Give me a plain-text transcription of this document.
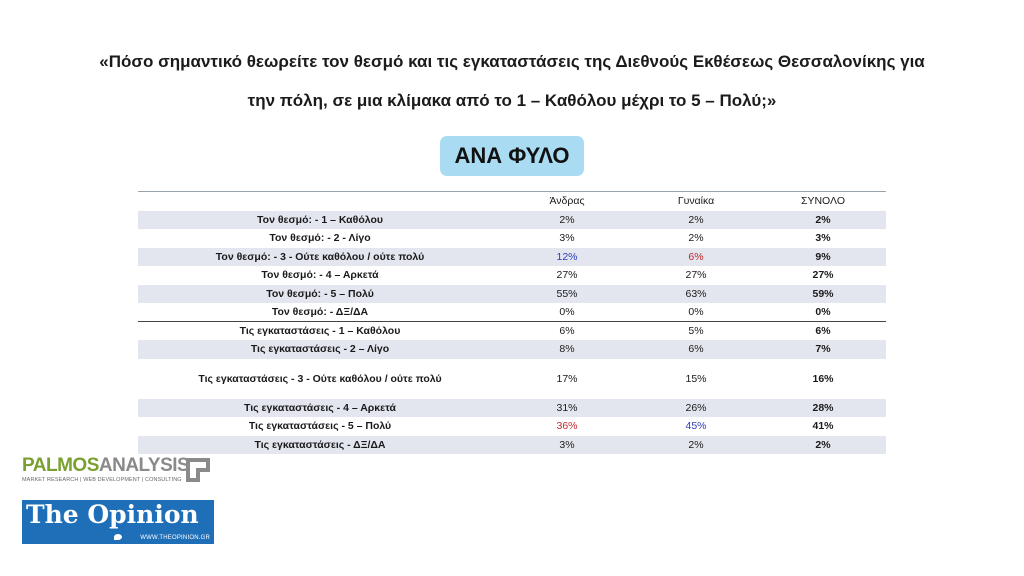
«Πόσο σημαντικό θεωρείτε τον θεσμό και τις εγκαταστάσεις της Διεθνούς Εκθέσεως Θεσσαλονίκης για
την πόλη, σε μια κλίμακα από το 1 – Καθόλου μέχρι το 5 – Πολύ;»
ΑΝΑ ΦΥΛΟ
	Άνδρας	Γυναίκα	ΣΥΝΟΛΟ
Τον θεσμό: - 1 – Καθόλου	2%	2%	2%
Τον θεσμό: - 2 - Λίγο	3%	2%	3%
Τον θεσμό: - 3 - Ούτε καθόλου / ούτε πολύ	12%	6%	9%
Τον θεσμό: - 4 – Αρκετά	27%	27%	27%
Τον θεσμό: - 5 – Πολύ	55%	63%	59%
Τον θεσμό: - ΔΞ/ΔΑ	0%	0%	0%
Τις εγκαταστάσεις - 1 – Καθόλου	6%	5%	6%
Τις εγκαταστάσεις - 2 – Λίγο	8%	6%	7%
Τις εγκαταστάσεις - 3 - Ούτε καθόλου / ούτε πολύ	17%	15%	16%
Τις εγκαταστάσεις - 4 – Αρκετά	31%	26%	28%
Τις εγκαταστάσεις - 5 – Πολύ	36%	45%	41%
Τις εγκαταστάσεις - ΔΞ/ΔΑ	3%	2%	2%
PALMOSANALYSIS
MARKET RESEARCH | WEB DEVELOPMENT | CONSULTING
The Opinion
WWW.THEOPINION.GR
